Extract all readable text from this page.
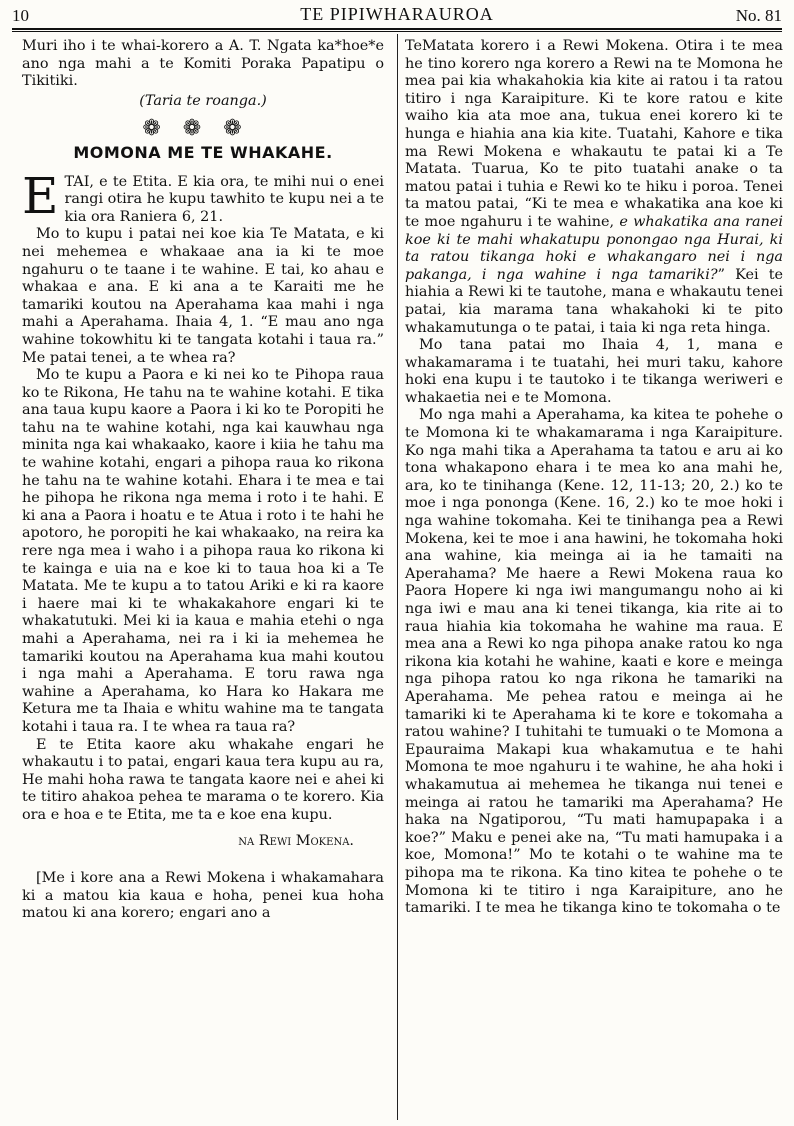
10	TE PIPIWHARAUROA	No. 81

Muri iho i te whai-korero a A. T. Ngata ka*hoe*e ano nga mahi a te Komiti Poraka Papatipu o Tikitiki.

(Taria te roanga.)

❁❁❁
MOMONA ME TE WHAKAHE.

ETAI, e te Etita. E kia ora, te mihi nui o enei rangi otira he kupu tawhito te kupu nei a te kia ora Raniera 6, 21.

Mo to kupu i patai nei koe kia Te Matata, e ki nei mehemea e whakaae ana ia ki te moe ngahuru o te taane i te wahine. E tai, ko ahau e whakaa e ana. E ki ana a te Karaiti me he tamariki koutou na Aperahama kaa mahi i nga mahi a Aperahama. Ihaia 4, 1. “E mau ano nga wahine tokowhitu ki te tangata kotahi i taua ra.” Me patai tenei, a te whea ra?

Mo te kupu a Paora e ki nei ko te Pihopa raua ko te Rikona, He tahu na te wahine kotahi. E tika ana taua kupu kaore a Paora i ki ko te Poropiti he tahu na te wahine kotahi, nga kai kauwhau nga minita nga kai whakaako, kaore i kiia he tahu ma te wahine kotahi, engari a pihopa raua ko rikona he tahu na te wahine kotahi. Ehara i te mea e tai he pihopa he rikona nga mema i roto i te hahi. E ki ana a Paora i hoatu e te Atua i roto i te hahi he apotoro, he poropiti he kai whakaako, na reira ka rere nga mea i waho i a pihopa raua ko rikona ki te kainga e uia na e koe ki to taua hoa ki a Te Matata. Me te kupu a to tatou Ariki e ki ra kaore i haere mai ki te whakakahore engari ki te whakatutuki. Mei ki ia kaua e mahia etehi o nga mahi a Aperahama, nei ra i ki ia mehemea he tamariki koutou na Aperahama kua mahi koutou i nga mahi a Aperahama. E toru rawa nga wahine a Aperahama, ko Hara ko Hakara me Ketura me ta Ihaia e whitu wahine ma te tangata kotahi i taua ra. I te whea ra taua ra?

E te Etita kaore aku whakahe engari he whakautu i to patai, engari kaua tera kupu au ra, He mahi hoha rawa te tangata kaore nei e ahei ki te titiro ahakoa pehea te marama o te korero. Kia ora e hoa e te Etita, me ta e koe ena kupu.

na Rewi Mokena.

[Me i kore ana a Rewi Mokena i whakamahara ki a matou kia kaua e hoha, penei kua hoha matou ki ana korero; engari ano a

TeMatata korero i a Rewi Mokena. Otira i te mea he tino korero nga korero a Rewi na te Momona he mea pai kia whakahokia kia kite ai ratou i ta ratou titiro i nga Karaipiture. Ki te kore ratou e kite waiho kia ata moe ana, tukua enei korero ki te hunga e hiahia ana kia kite. Tuatahi, Kahore e tika ma Rewi Mokena e whakautu te patai ki a Te Matata. Tuarua, Ko te pito tuatahi anake o ta matou patai i tuhia e Rewi ko te hiku i poroa. Tenei ta matou patai, “Ki te mea e whakatika ana koe ki te moe ngahuru i te wahine, e whakatika ana ranei koe ki te mahi whakatupu ponongao nga Hurai, ki ta ratou tikanga hoki e whakangaro nei i nga pakanga, i nga wahine i nga tamariki?” Kei te hiahia a Rewi ki te tautohe, mana e whakautu tenei patai, kia marama tana whakahoki ki te pito whakamutunga o te patai, i taia ki nga reta hinga.

Mo tana patai mo Ihaia 4, 1, mana e whakamarama i te tuatahi, hei muri taku, kahore hoki ena kupu i te tautoko i te tikanga weriweri e whakaetia nei e te Momona.

Mo nga mahi a Aperahama, ka kitea te pohehe o te Momona ki te whakamarama i nga Karaipiture. Ko nga mahi tika a Aperahama ta tatou e aru ai ko tona whakapono ehara i te mea ko ana mahi he, ara, ko te tinihanga (Kene. 12, 11-13; 20, 2.) ko te moe i nga ponongа (Kene. 16, 2.) ko te moe hoki i nga wahine tokomaha. Kei te tinihanga pea a Rewi Mokena, kei te moe i ana hawini, he tokomaha hoki ana wahine, kia meinga ai ia he tamaiti na Aperahama? Me haere a Rewi Mokena raua ko Paora Hopere ki nga iwi mangumangu noho ai ki nga iwi e mau ana ki tenei tikanga, kia rite ai to raua hiahia kia tokomaha he wahine ma raua. E mea ana a Rewi ko nga pihopa anake ratou ko nga rikona kia kotahi he wahine, kaati e kore e meinga nga pihopa ratou ko nga rikona he tamariki na Aperahama. Me pehea ratou e meinga ai he tamariki ki te Aperahama ki te kore e tokomaha a ratou wahine? I tuhitahi te tumuaki o te Momona a Epauraima Makapi kua whakamutua e te hahi Momona te moe ngahuru i te wahine, he aha hoki i whakamutua ai mehemea he tikanga nui tenei e meinga ai ratou he tamariki ma Aperahama? He haka na Ngatiporou, “Tu mati hamupapaka i a koe?” Maku e penei ake na, “Tu mati hamupaka i a koe, Momona!” Mo te kotahi o te wahine ma te pihopa ma te rikona. Ka tino kitea te pohehe o te Momona ki te titiro i nga Karaipiture, ano he tamariki. I te mea he tikanga kino te tokomaha o te
